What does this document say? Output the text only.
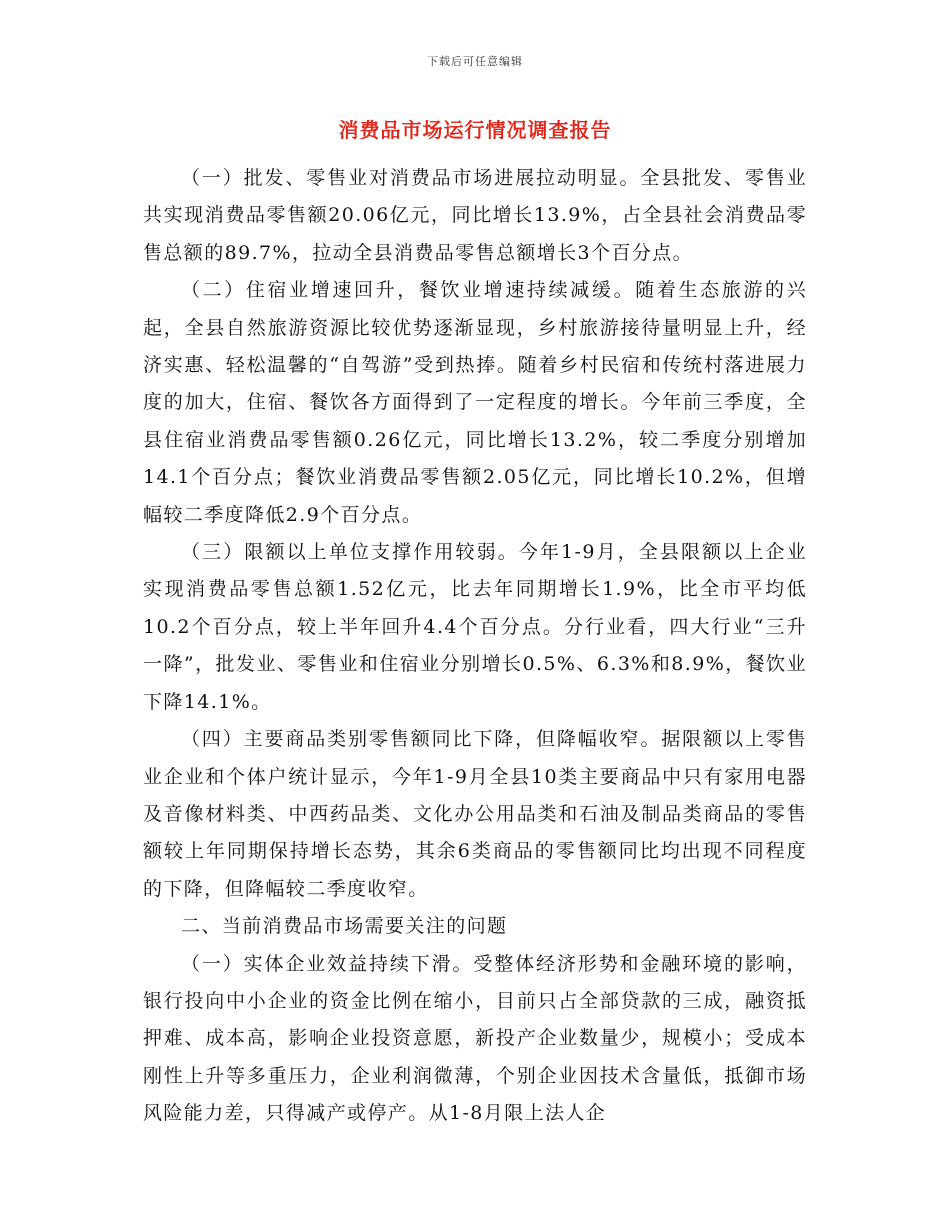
下载后可任意编辑
消费品市场运行情况调查报告

（一）批发、零售业对消费品市场进展拉动明显。全县批发、零售业共实现消费品零售额20.06亿元，同比增长13.9%，占全县社会消费品零售总额的89.7%，拉动全县消费品零售总额增长3个百分点。

（二）住宿业增速回升，餐饮业增速持续减缓。随着生态旅游的兴起，全县自然旅游资源比较优势逐渐显现，乡村旅游接待量明显上升，经济实惠、轻松温馨的“自驾游”受到热捧。随着乡村民宿和传统村落进展力度的加大，住宿、餐饮各方面得到了一定程度的增长。今年前三季度，全县住宿业消费品零售额0.26亿元，同比增长13.2%，较二季度分别增加14.1个百分点；餐饮业消费品零售额2.05亿元，同比增长10.2%，但增幅较二季度降低2.9个百分点。

（三）限额以上单位支撑作用较弱。今年1-9月，全县限额以上企业实现消费品零售总额1.52亿元，比去年同期增长1.9%，比全市平均低10.2个百分点，较上半年回升4.4个百分点。分行业看，四大行业“三升一降”，批发业、零售业和住宿业分别增长0.5%、6.3%和8.9%，餐饮业下降14.1%。

（四）主要商品类别零售额同比下降，但降幅收窄。据限额以上零售业企业和个体户统计显示，今年1-9月全县10类主要商品中只有家用电器及音像材料类、中西药品类、文化办公用品类和石油及制品类商品的零售额较上年同期保持增长态势，其余6类商品的零售额同比均出现不同程度的下降，但降幅较二季度收窄。

二、当前消费品市场需要关注的问题

（一）实体企业效益持续下滑。受整体经济形势和金融环境的影响，银行投向中小企业的资金比例在缩小，目前只占全部贷款的三成，融资抵押难、成本高，影响企业投资意愿，新投产企业数量少，规模小；受成本刚性上升等多重压力，企业利润微薄，个别企业因技术含量低，抵御市场风险能力差，只得减产或停产。从1-8月限上法人企
